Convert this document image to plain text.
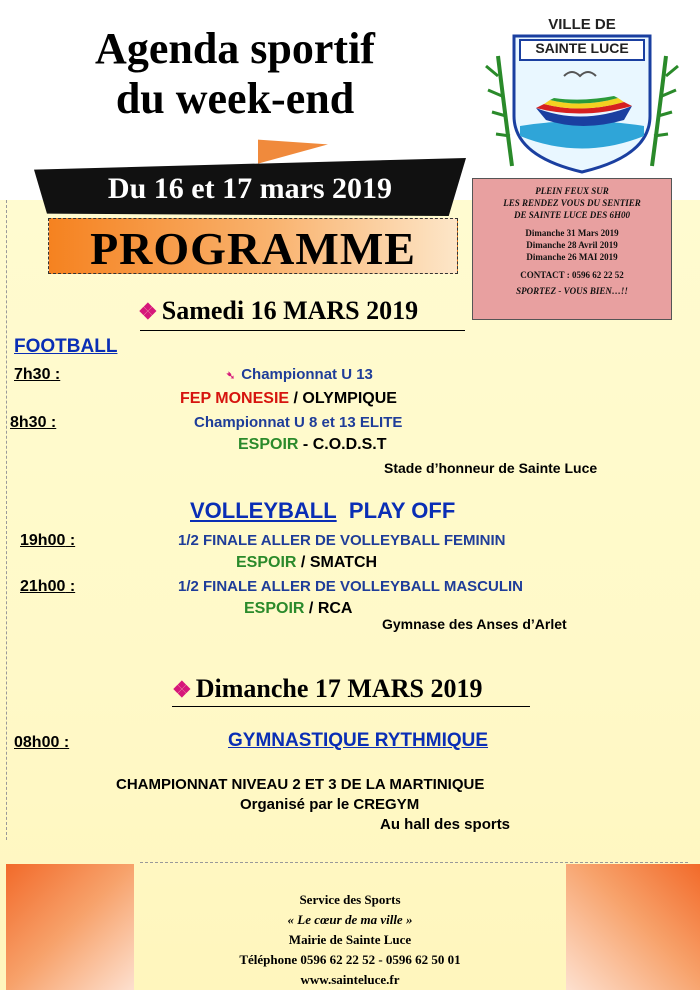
Agenda sportif
du week-end
Du 16 et 17 mars 2019
PROGRAMME
VILLE DE
SAINTE LUCE
PLEIN FEUX SUR
LES RENDEZ VOUS DU SENTIER
DE SAINTE LUCE DES 6H00
Dimanche 31 Mars 2019
Dimanche 28 Avril 2019
Dimanche 26 MAI 2019
CONTACT : 0596 62 22 52
SPORTEZ - VOUS BIEN…!!
❖ Samedi 16 MARS 2019
FOOTBALL
7h30 :	➴ Championnat U 13
FEP MONESIE / OLYMPIQUE
8h30 :	Championnat U 8 et 13 ELITE
ESPOIR - C.O.D.S.T
Stade d’honneur de Sainte Luce
VOLLEYBALL PLAY OFF
19h00 :	1/2 FINALE ALLER DE VOLLEYBALL FEMININ
ESPOIR / SMATCH
21h00 :	1/2 FINALE ALLER DE VOLLEYBALL MASCULIN
ESPOIR / RCA
Gymnase des Anses d’Arlet
❖ Dimanche 17 MARS 2019
08h00 :	GYMNASTIQUE RYTHMIQUE
CHAMPIONNAT NIVEAU 2 ET 3 DE LA MARTINIQUE
Organisé par le CREGYM
Au hall des sports
Service des Sports
« Le cœur de ma ville »
Mairie de Sainte Luce
Téléphone 0596 62 22 52 - 0596 62 50 01
www.sainteluce.fr
